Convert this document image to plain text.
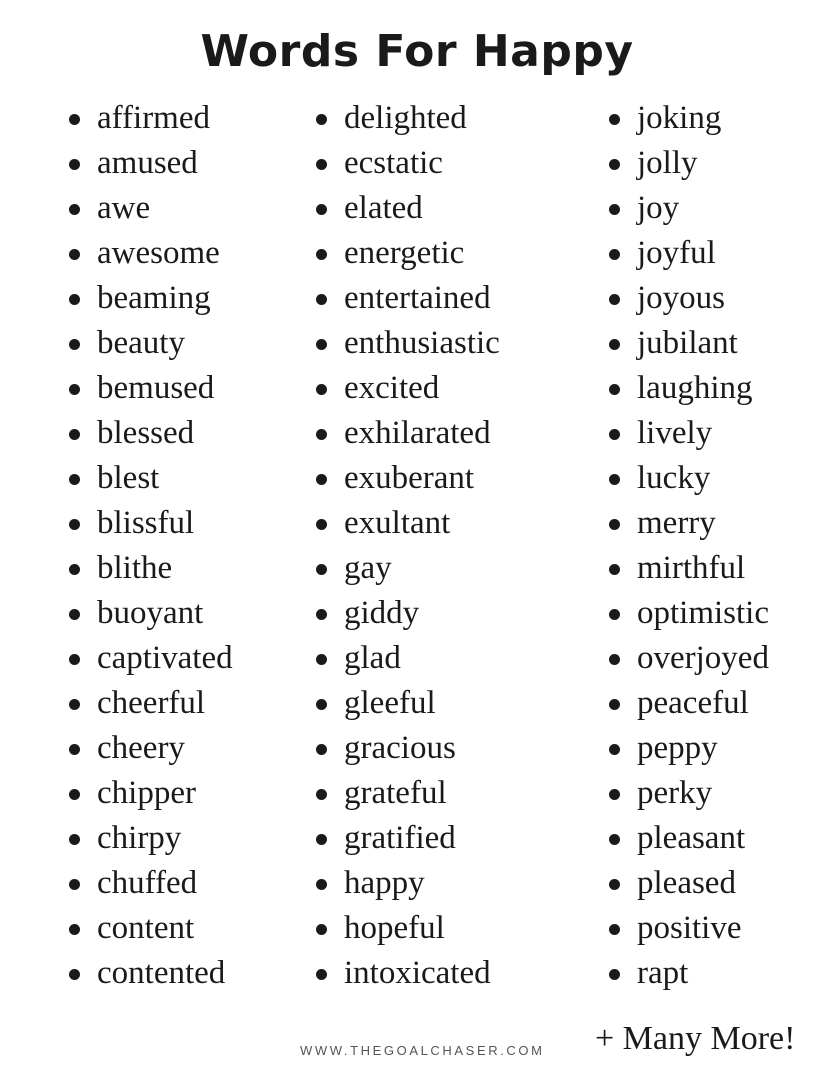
Words For Happy
affirmed
amused
awe
awesome
beaming
beauty
bemused
blessed
blest
blissful
blithe
buoyant
captivated
cheerful
cheery
chipper
chirpy
chuffed
content
contented
delighted
ecstatic
elated
energetic
entertained
enthusiastic
excited
exhilarated
exuberant
exultant
gay
giddy
glad
gleeful
gracious
grateful
gratified
happy
hopeful
intoxicated
joking
jolly
joy
joyful
joyous
jubilant
laughing
lively
lucky
merry
mirthful
optimistic
overjoyed
peaceful
peppy
perky
pleasant
pleased
positive
rapt
WWW.THEGOALCHASER.COM + Many More!
